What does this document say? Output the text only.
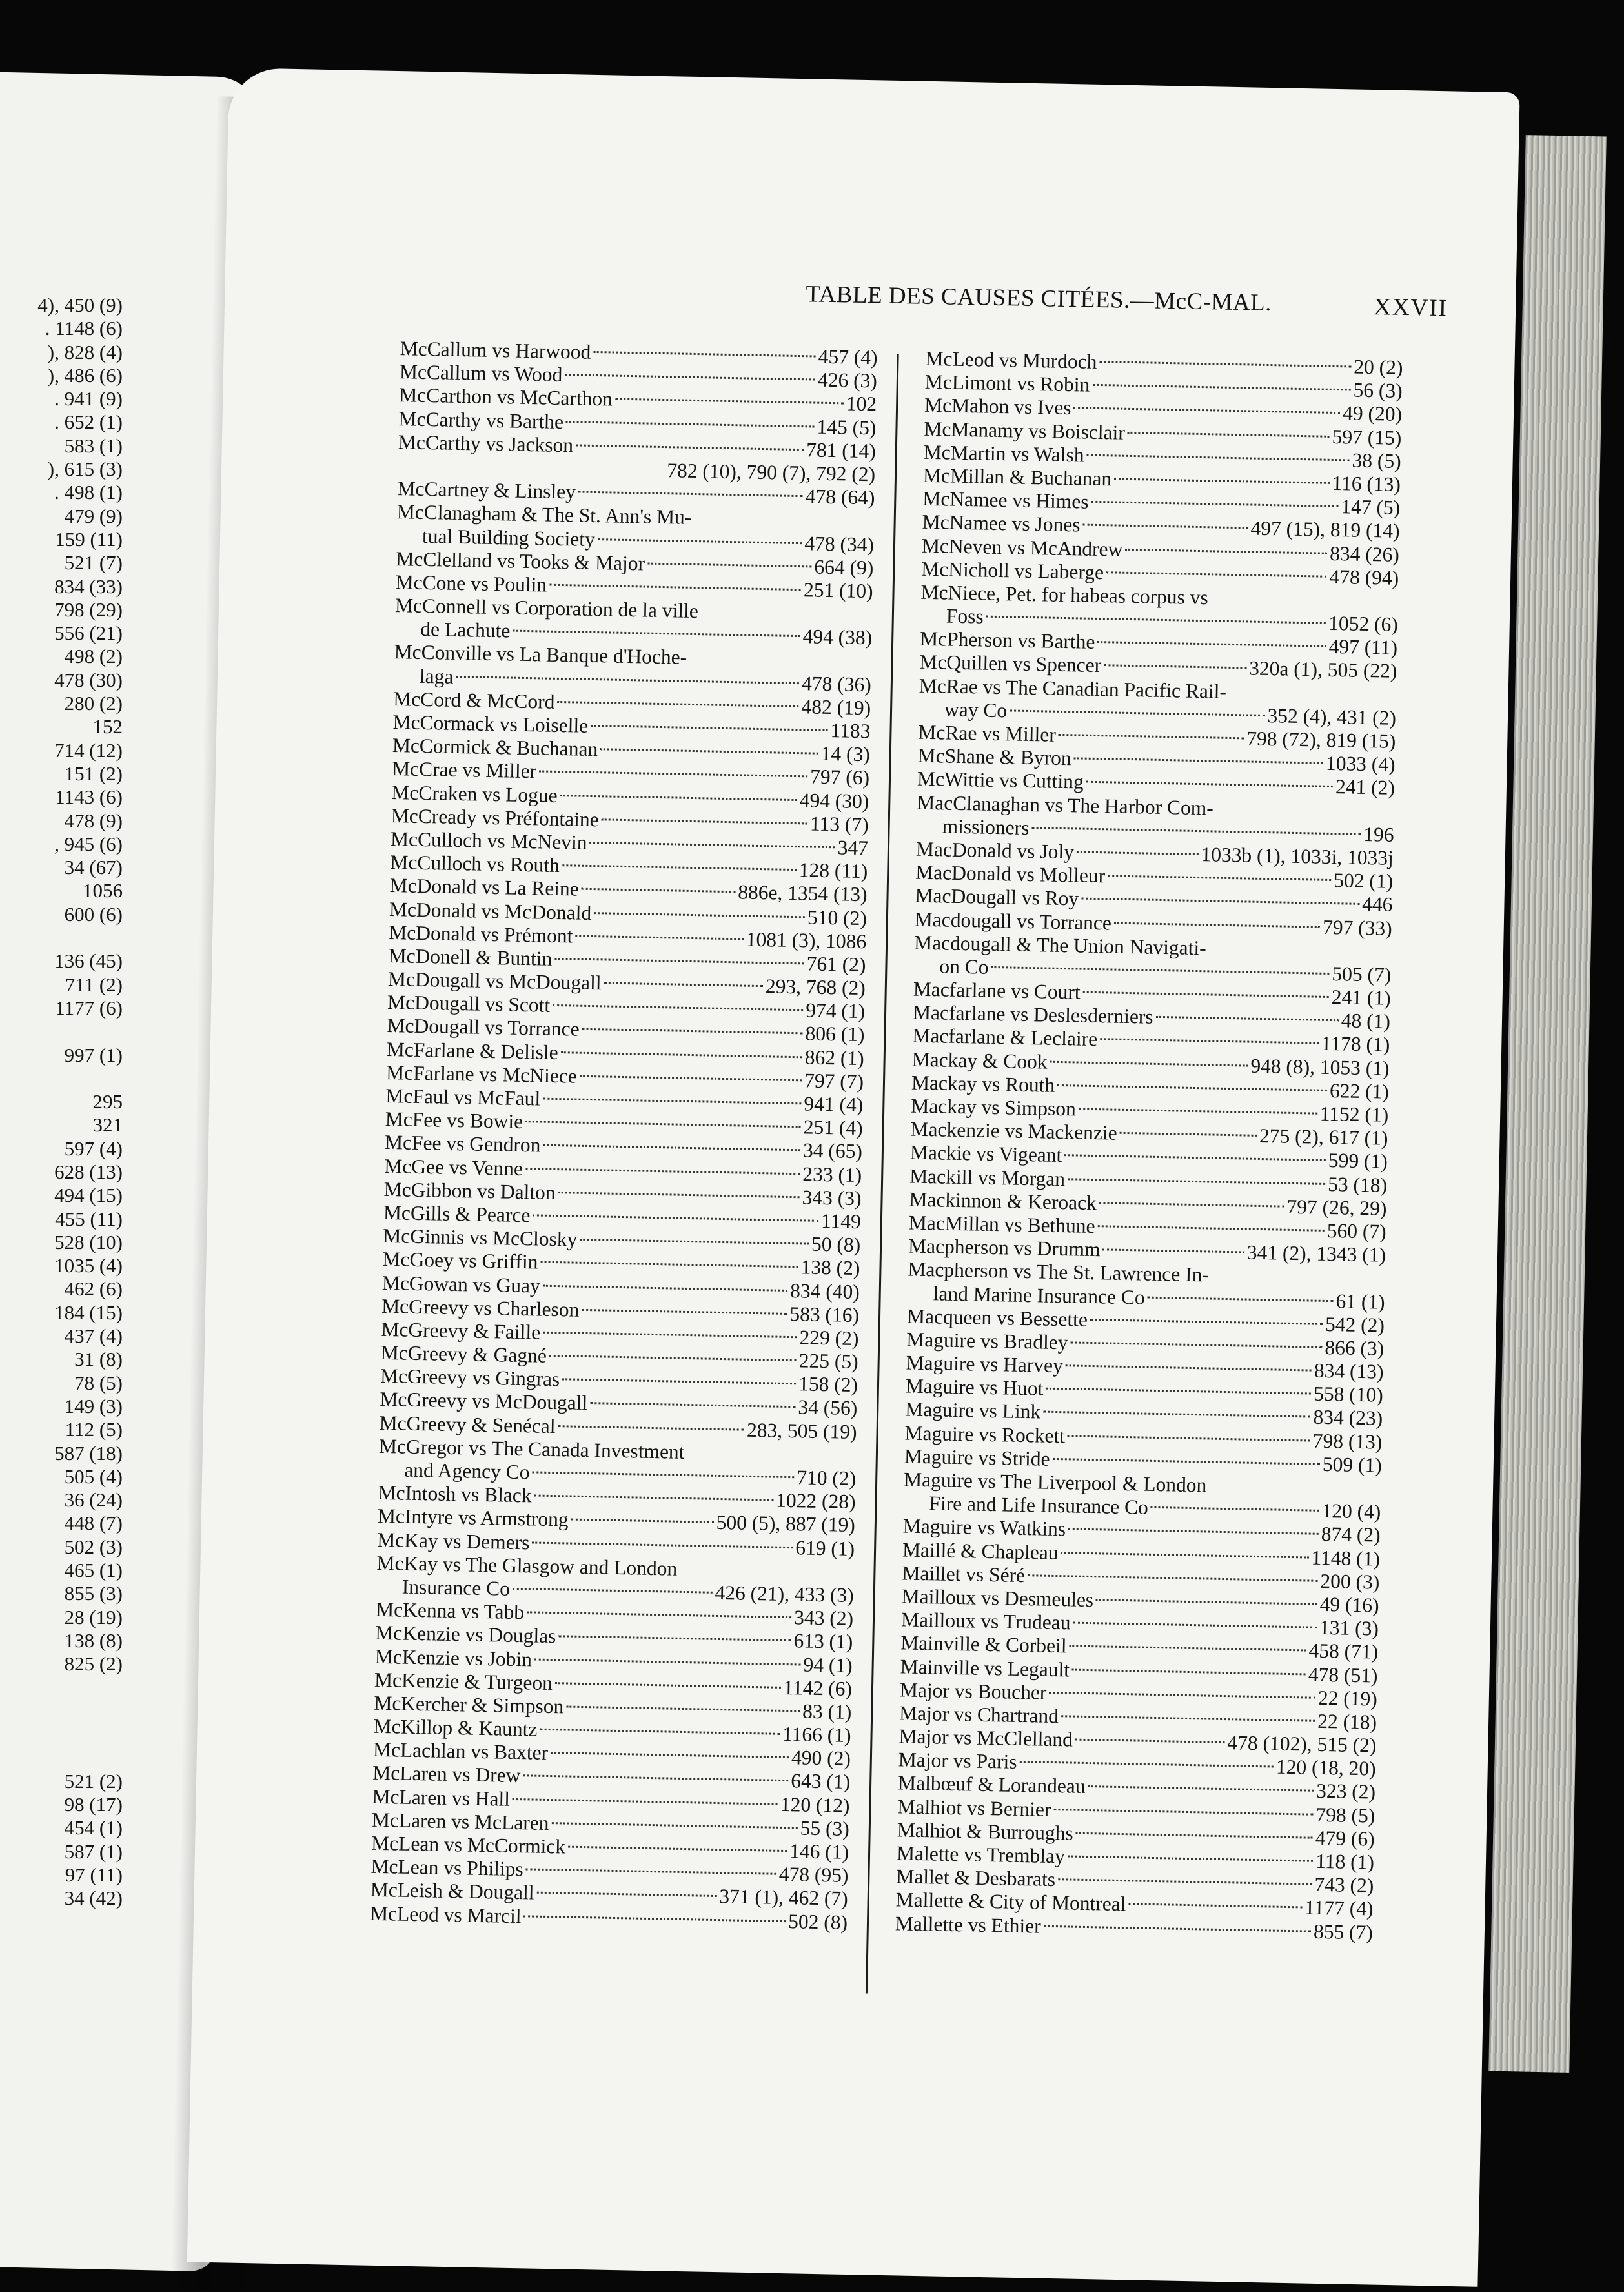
4), 450 (9)
. 1148 (6)
), 828 (4)
), 486 (6)
. 941 (9)
. 652 (1)
583 (1)
), 615 (3)
. 498 (1)
479 (9)
159 (11)
521 (7)
834 (33)
798 (29)
556 (21)
498 (2)
478 (30)
280 (2)
152
714 (12)
151 (2)
1143 (6)
478 (9)
, 945 (6)
34 (67)
1056
600 (6)
136 (45)
711 (2)
1177 (6)
997 (1)
295
321
597 (4)
628 (13)
494 (15)
455 (11)
528 (10)
1035 (4)
462 (6)
184 (15)
437 (4)
31 (8)
78 (5)
149 (3)
112 (5)
587 (18)
505 (4)
36 (24)
448 (7)
502 (3)
465 (1)
855 (3)
28 (19)
138 (8)
825 (2)
521 (2)
98 (17)
454 (1)
587 (1)
97 (11)
34 (42)
TABLE DES CAUSES CITÉES.—McC-MAL.	XXVII
McCallum vs Harwood	457 (4)
McCallum vs Wood	426 (3)
McCarthon vs McCarthon	102
McCarthy vs Barthe	145 (5)
McCarthy vs Jackson	781 (14)
782 (10), 790 (7), 792 (2)
McCartney & Linsley	478 (64)
McClanagham & The St. Ann's Mu-
tual Building Society	478 (34)
McClelland vs Tooks & Major	664 (9)
McCone vs Poulin	251 (10)
McConnell vs Corporation de la ville
de Lachute	494 (38)
McConville vs La Banque d'Hoche-
laga	478 (36)
McCord & McCord	482 (19)
McCormack vs Loiselle	1183
McCormick & Buchanan	14 (3)
McCrae vs Miller	797 (6)
McCraken vs Logue	494 (30)
McCready vs Préfontaine	113 (7)
McCulloch vs McNevin	347
McCulloch vs Routh	128 (11)
McDonald vs La Reine	886e, 1354 (13)
McDonald vs McDonald	510 (2)
McDonald vs Prémont	1081 (3), 1086
McDonell & Buntin	761 (2)
McDougall vs McDougall	293, 768 (2)
McDougall vs Scott	974 (1)
McDougall vs Torrance	806 (1)
McFarlane & Delisle	862 (1)
McFarlane vs McNiece	797 (7)
McFaul vs McFaul	941 (4)
McFee vs Bowie	251 (4)
McFee vs Gendron	34 (65)
McGee vs Venne	233 (1)
McGibbon vs Dalton	343 (3)
McGills & Pearce	1149
McGinnis vs McClosky	50 (8)
McGoey vs Griffin	138 (2)
McGowan vs Guay	834 (40)
McGreevy vs Charleson	583 (16)
McGreevy & Faille	229 (2)
McGreevy & Gagné	225 (5)
McGreevy vs Gingras	158 (2)
McGreevy vs McDougall	34 (56)
McGreevy & Senécal	283, 505 (19)
McGregor vs The Canada Investment
and Agency Co	710 (2)
McIntosh vs Black	1022 (28)
McIntyre vs Armstrong	500 (5), 887 (19)
McKay vs Demers	619 (1)
McKay vs The Glasgow and London
Insurance Co	426 (21), 433 (3)
McKenna vs Tabb	343 (2)
McKenzie vs Douglas	613 (1)
McKenzie vs Jobin	94 (1)
McKenzie & Turgeon	1142 (6)
McKercher & Simpson	83 (1)
McKillop & Kauntz	1166 (1)
McLachlan vs Baxter	490 (2)
McLaren vs Drew	643 (1)
McLaren vs Hall	120 (12)
McLaren vs McLaren	55 (3)
McLean vs McCormick	146 (1)
McLean vs Philips	478 (95)
McLeish & Dougall	371 (1), 462 (7)
McLeod vs Marcil	502 (8)
McLeod vs Murdoch	20 (2)
McLimont vs Robin	56 (3)
McMahon vs Ives	49 (20)
McManamy vs Boisclair	597 (15)
McMartin vs Walsh	38 (5)
McMillan & Buchanan	116 (13)
McNamee vs Himes	147 (5)
McNamee vs Jones	497 (15), 819 (14)
McNeven vs McAndrew	834 (26)
McNicholl vs Laberge	478 (94)
McNiece, Pet. for habeas corpus vs
Foss	1052 (6)
McPherson vs Barthe	497 (11)
McQuillen vs Spencer	320a (1), 505 (22)
McRae vs The Canadian Pacific Rail-
way Co	352 (4), 431 (2)
McRae vs Miller	798 (72), 819 (15)
McShane & Byron	1033 (4)
McWittie vs Cutting	241 (2)
MacClanaghan vs The Harbor Com-
missioners	196
MacDonald vs Joly	1033b (1), 1033i, 1033j
MacDonald vs Molleur	502 (1)
MacDougall vs Roy	446
Macdougall vs Torrance	797 (33)
Macdougall & The Union Navigati-
on Co	505 (7)
Macfarlane vs Court	241 (1)
Macfarlane vs Deslesderniers	48 (1)
Macfarlane & Leclaire	1178 (1)
Mackay & Cook	948 (8), 1053 (1)
Mackay vs Routh	622 (1)
Mackay vs Simpson	1152 (1)
Mackenzie vs Mackenzie	275 (2), 617 (1)
Mackie vs Vigeant	599 (1)
Mackill vs Morgan	53 (18)
Mackinnon & Keroack	797 (26, 29)
MacMillan vs Bethune	560 (7)
Macpherson vs Drumm	341 (2), 1343 (1)
Macpherson vs The St. Lawrence In-
land Marine Insurance Co	61 (1)
Macqueen vs Bessette	542 (2)
Maguire vs Bradley	866 (3)
Maguire vs Harvey	834 (13)
Maguire vs Huot	558 (10)
Maguire vs Link	834 (23)
Maguire vs Rockett	798 (13)
Maguire vs Stride	509 (1)
Maguire vs The Liverpool & London
Fire and Life Insurance Co	120 (4)
Maguire vs Watkins	874 (2)
Maillé & Chapleau	1148 (1)
Maillet vs Séré	200 (3)
Mailloux vs Desmeules	49 (16)
Mailloux vs Trudeau	131 (3)
Mainville & Corbeil	458 (71)
Mainville vs Legault	478 (51)
Major vs Boucher	22 (19)
Major vs Chartrand	22 (18)
Major vs McClelland	478 (102), 515 (2)
Major vs Paris	120 (18, 20)
Malbœuf & Lorandeau	323 (2)
Malhiot vs Bernier	798 (5)
Malhiot & Burroughs	479 (6)
Malette vs Tremblay	118 (1)
Mallet & Desbarats	743 (2)
Mallette & City of Montreal	1177 (4)
Mallette vs Ethier	855 (7)
